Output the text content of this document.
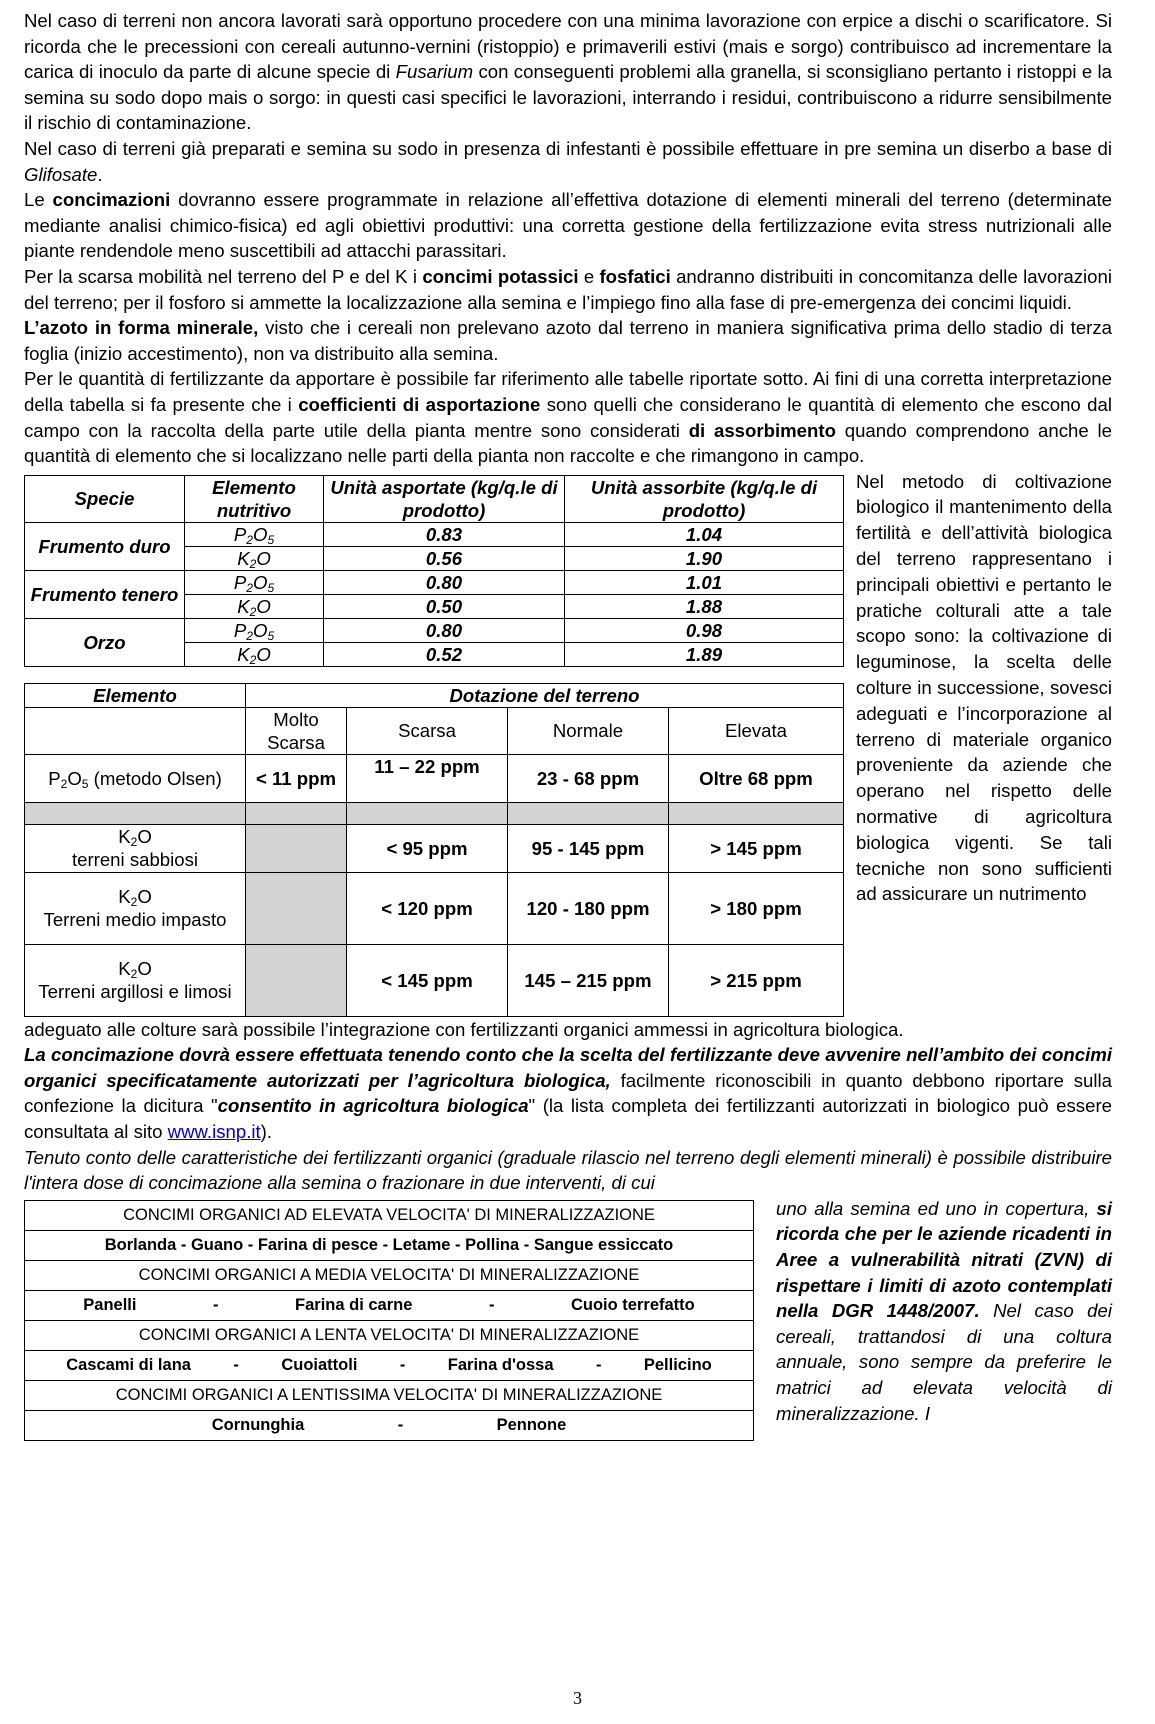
Nel caso di terreni non ancora lavorati sarà opportuno procedere con una minima lavorazione con erpice a dischi o scarificatore. Si ricorda che le precessioni con cereali autunno-vernini (ristoppio) e primaverili estivi (mais e sorgo) contribuisco ad incrementare la carica di inoculo da parte di alcune specie di Fusarium con conseguenti problemi alla granella, si sconsigliano pertanto i ristoppi e la semina su sodo dopo mais o sorgo: in questi casi specifici le lavorazioni, interrando i residui, contribuiscono a ridurre sensibilmente il rischio di contaminazione.

Nel caso di terreni già preparati e semina su sodo in presenza di infestanti è possibile effettuare in pre semina un diserbo a base di Glifosate.

Le concimazioni dovranno essere programmate in relazione all’effettiva dotazione di elementi minerali del terreno (determinate mediante analisi chimico-fisica) ed agli obiettivi produttivi: una corretta gestione della fertilizzazione evita stress nutrizionali alle piante rendendole meno suscettibili ad attacchi parassitari.

Per la scarsa mobilità nel terreno del P e del K i concimi potassici e fosfatici andranno distribuiti in concomitanza delle lavorazioni del terreno; per il fosforo si ammette la localizzazione alla semina e l’impiego fino alla fase di pre-emergenza dei concimi liquidi.

L’azoto in forma minerale, visto che i cereali non prelevano azoto dal terreno in maniera significativa prima dello stadio di terza foglia (inizio accestimento), non va distribuito alla semina.

Per le quantità di fertilizzante da apportare è possibile far riferimento alle tabelle riportate sotto. Ai fini di una corretta interpretazione della tabella si fa presente che i coefficienti di asportazione sono quelli che considerano le quantità di elemento che escono dal campo con la raccolta della parte utile della pianta mentre sono considerati di assorbimento quando comprendono anche le quantità di elemento che si localizzano nelle parti della pianta non raccolte e che rimangono in campo.

Nel metodo di coltivazione biologico il mantenimento della fertilità e dell’attività biologica del terreno rappresentano i principali obiettivi e pertanto le pratiche colturali atte a tale scopo sono: la coltivazione di leguminose, la scelta delle colture in successione, sovesci adeguati e l’incorporazione al terreno di materiale organico proveniente da aziende che operano nel rispetto delle normative di agricoltura biologica vigenti. Se tali tecniche non sono sufficienti ad assicurare un nutrimento

Specie	Elemento nutritivo	Unità asportate (kg/q.le di prodotto)	Unità assorbite (kg/q.le di prodotto)
Frumento duro	$P_2O_5$	0.83	1.04
	$K_2O$	0.56	1.90
Frumento tenero	$P_2O_5$	0.80	1.01
	$K_2O$	0.50	1.88
Orzo	$P_2O_5$	0.80	0.98
	$K_2O$	0.52	1.89
Elemento	Dotazione del terreno			
	Molto Scarsa	Scarsa	Normale	Elevata
$P_2O_5$ (metodo Olsen)	< 11 ppm	11 – 22 ppm	23 - 68 ppm	Oltre 68 ppm

$K_2O$
terreni sabbiosi		< 95 ppm	95 - 145 ppm	> 145 ppm
$K_2O$
Terreni medio impasto		< 120 ppm	120 - 180 ppm	> 180 ppm
$K_2O$
Terreni argillosi e limosi		< 145 ppm	145 – 215 ppm	> 215 ppm

adeguato alle colture sarà possibile l’integrazione con fertilizzanti organici ammessi in agricoltura biologica.

La concimazione dovrà essere effettuata tenendo conto che la scelta del fertilizzante deve avvenire nell’ambito dei concimi organici specificatamente autorizzati per l’agricoltura biologica, facilmente riconoscibili in quanto debbono riportare sulla confezione la dicitura "consentito in agricoltura biologica" (la lista completa dei fertilizzanti autorizzati in biologico può essere consultata al sito www.isnp.it).

Tenuto conto delle caratteristiche dei fertilizzanti organici (graduale rilascio nel terreno degli elementi minerali) è possibile distribuire l'intera dose di concimazione alla semina o frazionare in due interventi, di cui

uno alla semina ed uno in copertura, si ricorda che per le aziende ricadenti in Aree a vulnerabilità nitrati (ZVN) di rispettare i limiti di azoto contemplati nella DGR 1448/2007. Nel caso dei cereali, trattandosi di una coltura annuale, sono sempre da preferire le matrici ad elevata velocità di mineralizzazione. I

CONCIMI ORGANICI AD ELEVATA VELOCITA' DI MINERALIZZAZIONE
Borlanda - Guano - Farina di pesce - Letame - Pollina - Sangue essiccato
CONCIMI ORGANICI A MEDIA VELOCITA' DI MINERALIZZAZIONE

Panelli	-	Farina di carne	-	Cuoio terrefatto

CONCIMI ORGANICI A LENTA VELOCITA' DI MINERALIZZAZIONE

Cascami di lana	-	Cuoiattoli	-	Farina d'ossa	-	Pellicino

CONCIMI ORGANICI A LENTISSIMA VELOCITA' DI MINERALIZZAZIONE

Cornunghia	-	Pennone
3
